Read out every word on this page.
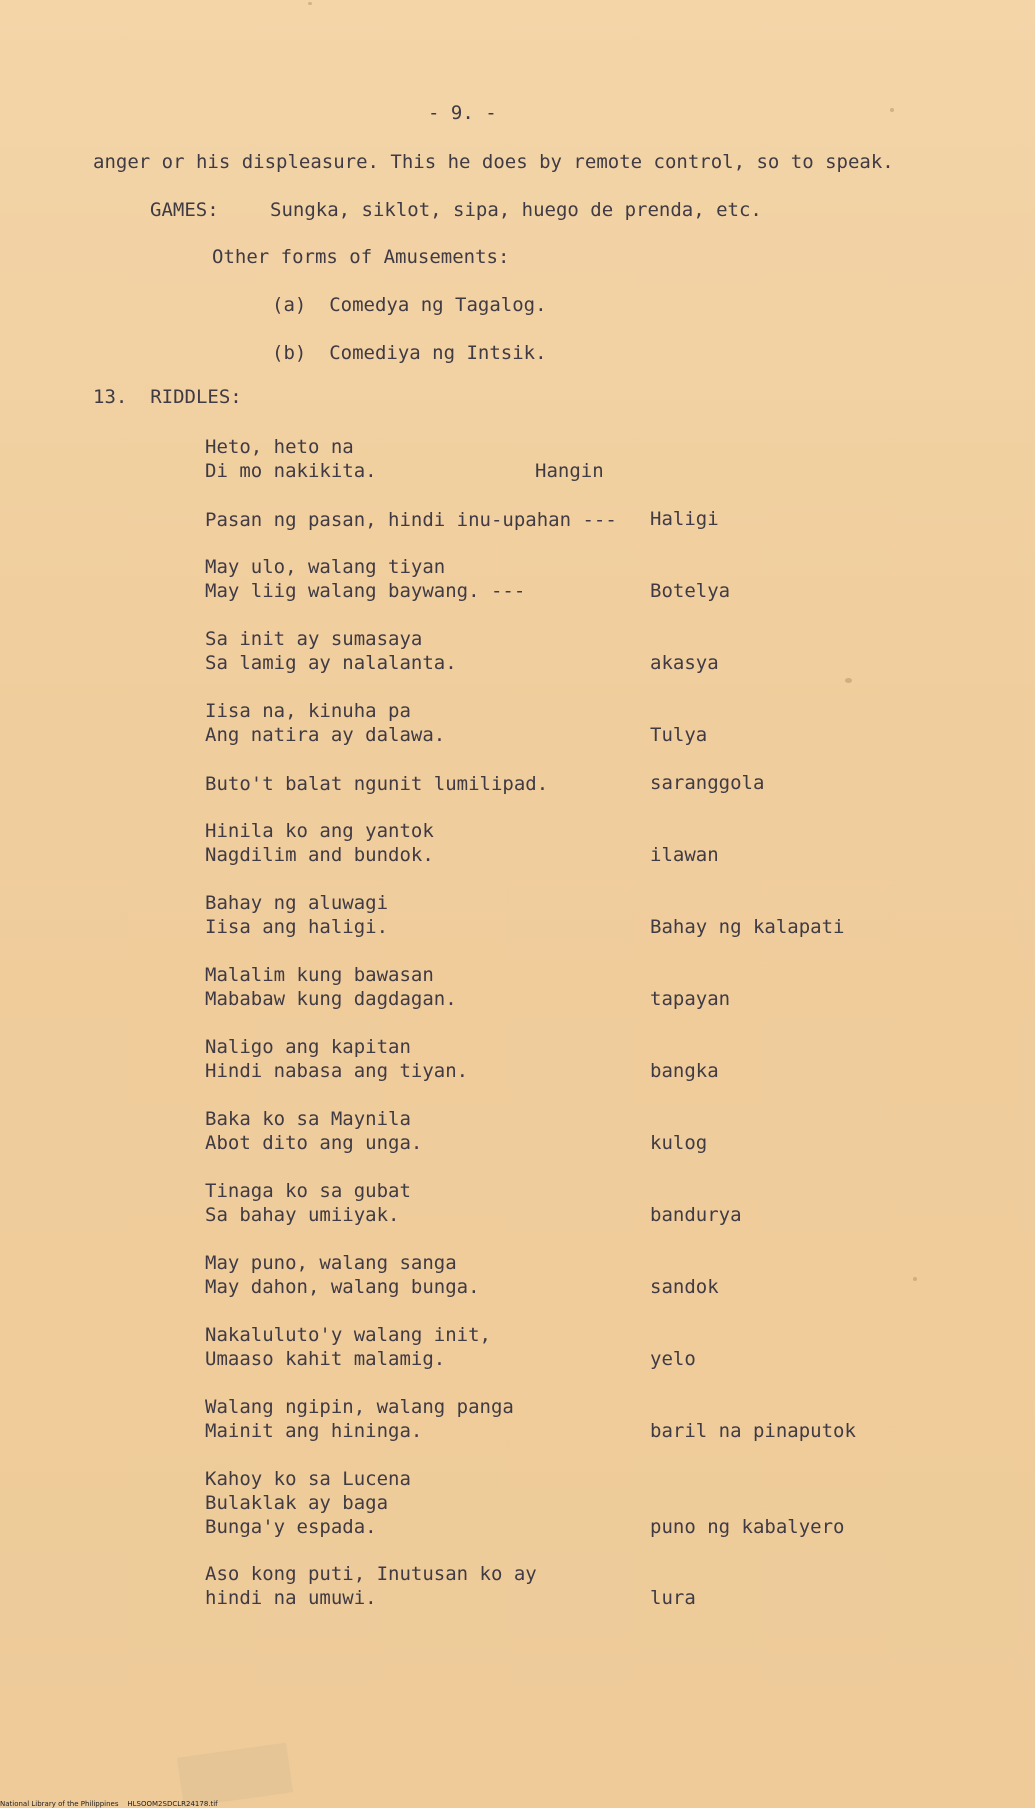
- 9. -
anger or his displeasure. This he does by remote control, so to speak.
GAMES:	Sungka, siklot, sipa, huego de prenda, etc.
Other forms of Amusements:
(a)  Comedya ng Tagalog.
(b)  Comediya ng Intsik.
13.  RIDDLES:
Heto, heto na
Di mo nakikita.	Hangin
Pasan ng pasan, hindi inu-upahan --- Haligi
May ulo, walang tiyan
May liig walang baywang. ---	Botelya
Sa init ay sumasaya
Sa lamig ay nalalanta.	akasya
Iisa na, kinuha pa
Ang natira ay dalawa.	Tulya
Buto't balat ngunit lumilipad.	saranggola
Hinila ko ang yantok
Nagdilim and bundok.	ilawan
Bahay ng aluwagi
Iisa ang haligi.	Bahay ng kalapati
Malalim kung bawasan
Mababaw kung dagdagan.	tapayan
Naligo ang kapitan
Hindi nabasa ang tiyan.	bangka
Baka ko sa Maynila
Abot dito ang unga.	kulog
Tinaga ko sa gubat
Sa bahay umiiyak.	bandurya
May puno, walang sanga
May dahon, walang bunga.	sandok
Nakaluluto'y walang init,
Umaaso kahit malamig.	yelo
Walang ngipin, walang panga
Mainit ang hininga.	baril na pinaputok
Kahoy ko sa Lucena
Bulaklak ay baga
Bunga'y espada.	puno ng kabalyero
Aso kong puti, Inutusan ko ay
hindi na umuwi.	lura
National Library of the Philippines    HLSOOM2SDCLR24178.tif
